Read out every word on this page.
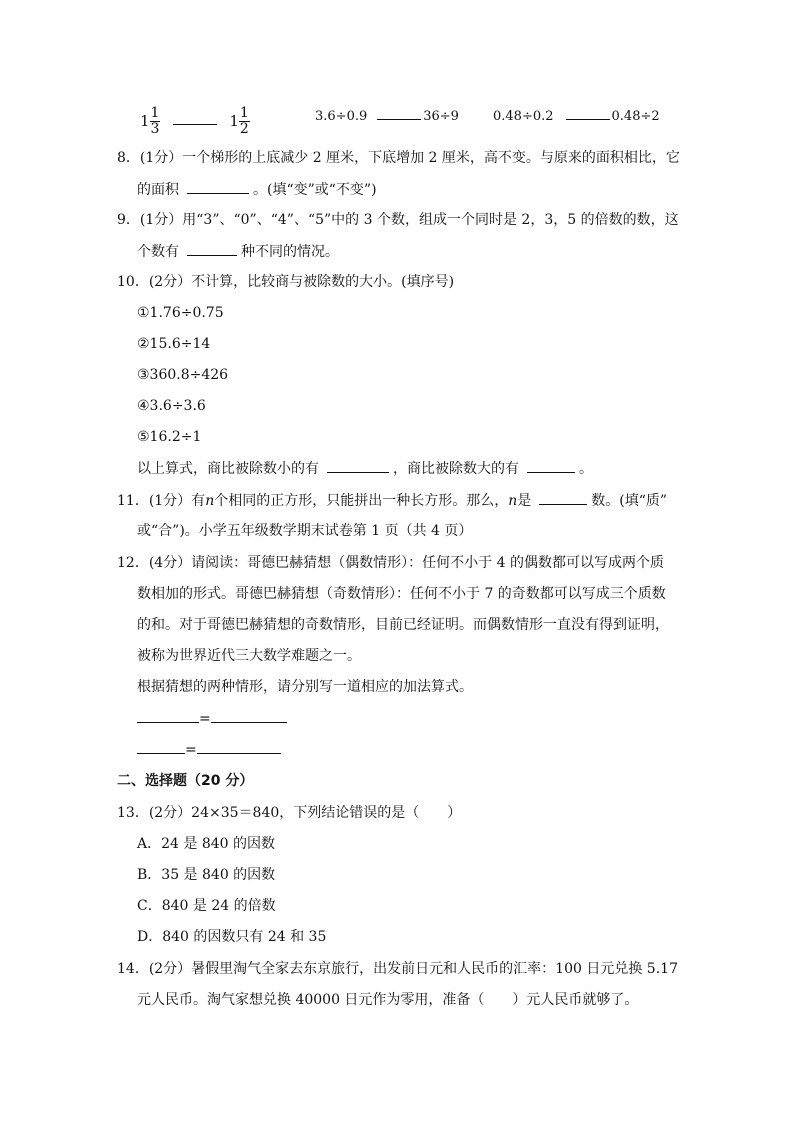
$1 \frac{1}{3}$	$1 \frac{1}{2}$	3.6÷0.9	36÷9	0.48÷0.2	0.48÷2
8．(1分）一个梯形的上底减少 2 厘米，下底增加 2 厘米，高不变。与原来的面积相比，它
的面积	。(填“变”或“不变”)
9．(1分）用“3”、“0”、“4”、“5”中的 3 个数，组成一个同时是 2，3，5 的倍数的数，这
个数有	种不同的情况。
10．(2分）不计算，比较商与被除数的大小。(填序号)
①1.76÷0.75
②15.6÷14
③360.8÷426
④3.6÷3.6
⑤16.2÷1
以上算式，商比被除数小的有	，商比被除数大的有	。
11．(1分）有n个相同的正方形，只能拼出一种长方形。那么，n是	数。(填“质”
或“合”)。小学五年级数学期末试卷第 1 页（共 4 页）
12．(4分）请阅读：哥德巴赫猜想（偶数情形）：任何不小于 4 的偶数都可以写成两个质
数相加的形式。哥德巴赫猜想（奇数情形）：任何不小于 7 的奇数都可以写成三个质数
的和。对于哥德巴赫猜想的奇数情形，目前已经证明。而偶数情形一直没有得到证明，
被称为世界近代三大数学难题之一。
根据猜想的两种情形，请分别写一道相应的加法算式。
=
=
二、选择题（20 分）
13．(2分）24×35＝840，下列结论错误的是（　　）
A．24 是 840 的因数
B．35 是 840 的因数
C．840 是 24 的倍数
D．840 的因数只有 24 和 35
14．(2分）暑假里淘气全家去东京旅行，出发前日元和人民币的汇率：100 日元兑换 5.17
元人民币。淘气家想兑换 40000 日元作为零用，准备（　　）元人民币就够了。
